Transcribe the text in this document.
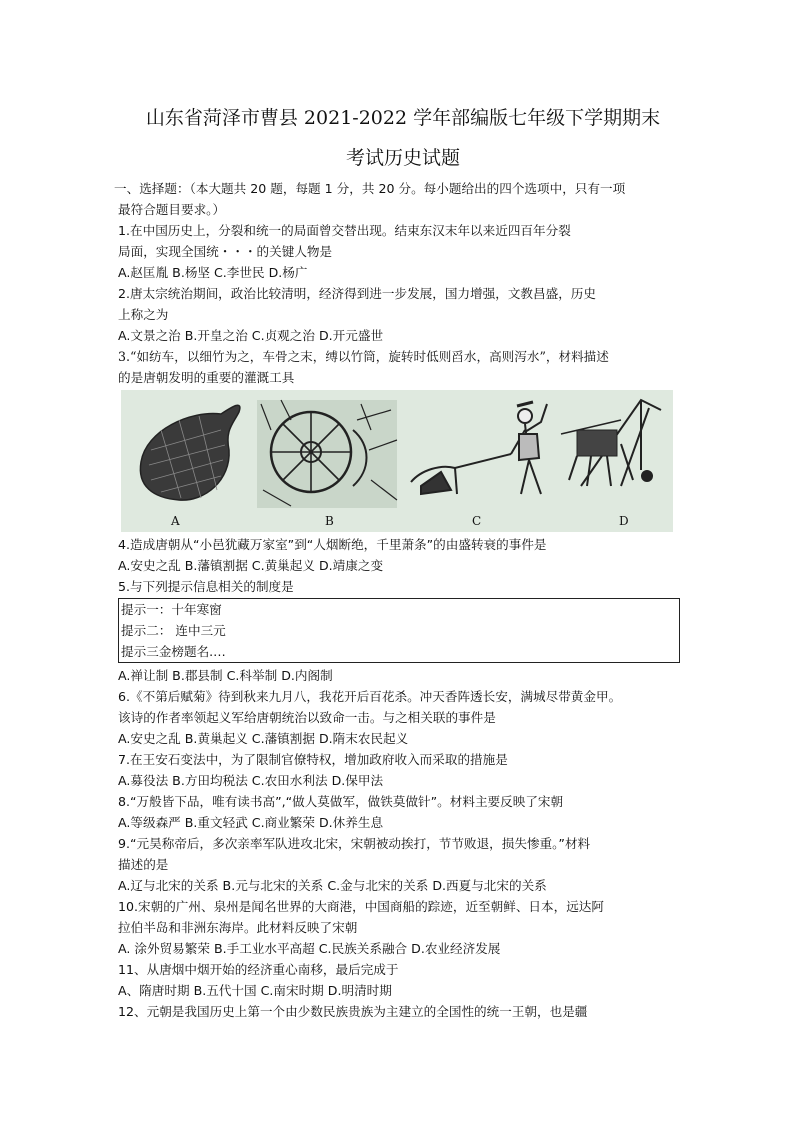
山东省菏泽市曹县 2021-2022 学年部编版七年级下学期期末
考试历史试题
一、选择题：（本大题共 20 题，每题 1 分，共 20 分。每小题给出的四个选项中，只有一项
最符合题目要求。）
1.在中国历史上，分裂和统一的局面曾交替出现。结束东汉末年以来近四百年分裂
局面，实现全国统・・・的关键人物是
A.赵匡胤 B.杨坚 C.李世民 D.杨广
2.唐太宗统治期间，政治比较清明，经济得到进一步发展，国力增强，文教昌盛，历史
上称之为
A.文景之治 B.开皇之治 C.贞观之治 D.开元盛世
3.“如纺车，以细竹为之，车骨之末，缚以竹筒，旋转时低则舀水，高则泻水”，材料描述
的是唐朝发明的重要的灌溉工具
A	B	C	D
4.造成唐朝从“小邑犹藏万家室”到“人烟断绝，千里萧条”的由盛转衰的事件是
A.安史之乱 B.藩镇割据 C.黄巢起义 D.靖康之变
5.与下列提示信息相关的制度是
提示一：十年寒窗
提示二： 连中三元
提示三金榜题名.…
A.禅让制 B.郡县制 C.科举制 D.内阁制
6.《不第后赋菊》待到秋来九月八，我花开后百花杀。冲天香阵透长安，满城尽带黄金甲。
该诗的作者率领起义军给唐朝统治以致命一击。与之相关联的事件是
A.安史之乱 B.黄巢起义 C.藩镇割据 D.隋末农民起义
7.在王安石变法中，为了限制官僚特权，增加政府收入而采取的措施是
A.募役法 B.方田均税法 C.农田水利法 D.保甲法
8.“万般皆下品，唯有读书高”,“做人莫做军，做铁莫做针”。材料主要反映了宋朝
A.等级森严 B.重文轻武 C.商业繁荣 D.休养生息
9.“元昊称帝后，多次亲率军队进攻北宋，宋朝被动挨打，节节败退，损失惨重。”材料
描述的是
A.辽与北宋的关系 B.元与北宋的关系 C.金与北宋的关系 D.西夏与北宋的关系
10.宋朝的广州、泉州是闻名世界的大商港，中国商船的踪迹，近至朝鲜、日本，远达阿
拉伯半岛和非洲东海岸。此材料反映了宋朝
A. 涂外贸易繁荣 B.手工业水平高超 C.民族关系融合 D.农业经济发展
11、从唐烟中烟开始的经济重心南移，最后完成于
A、隋唐时期 B.五代十国 C.南宋时期 D.明清时期
12、元朝是我国历史上第一个由少数民族贵族为主建立的全国性的统一王朝，也是疆
